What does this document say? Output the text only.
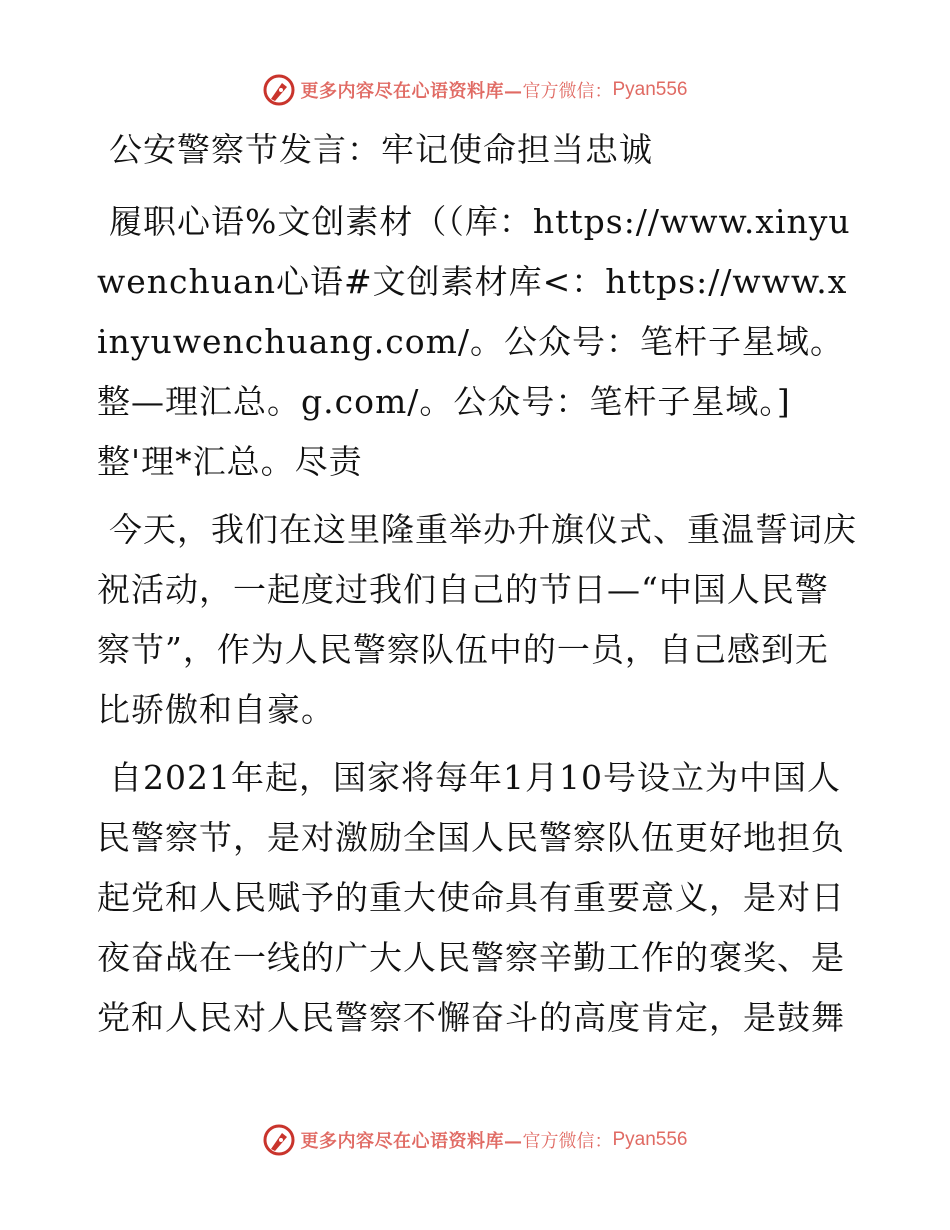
更多内容尽在心语资料库— 官方微信： Pyan556

公安警察节发言：牢记使命担当忠诚

履职心语%文创素材（（库：https://www.xinyuwenchuan心语#文创素材库<：https://www.xinyuwenchuang.com/。公众号：笔杆子星域。整—理汇总。g.com/。公众号：笔杆子星域。]整'理*汇总。尽责

今天，我们在这里隆重举办升旗仪式、重温誓词庆祝活动，一起度过我们自己的节日—“中国人民警察节”，作为人民警察队伍中的一员，自己感到无比骄傲和自豪。

自2021年起，国家将每年1月10号设立为中国人民警察节，是对激励全国人民警察队伍更好地担负起党和人民赋予的重大使命具有重要意义，是对日夜奋战在一线的广大人民警察辛勤工作的褒奖、是党和人民对人民警察不懈奋斗的高度肯定，是鼓舞

更多内容尽在心语资料库— 官方微信： Pyan556
